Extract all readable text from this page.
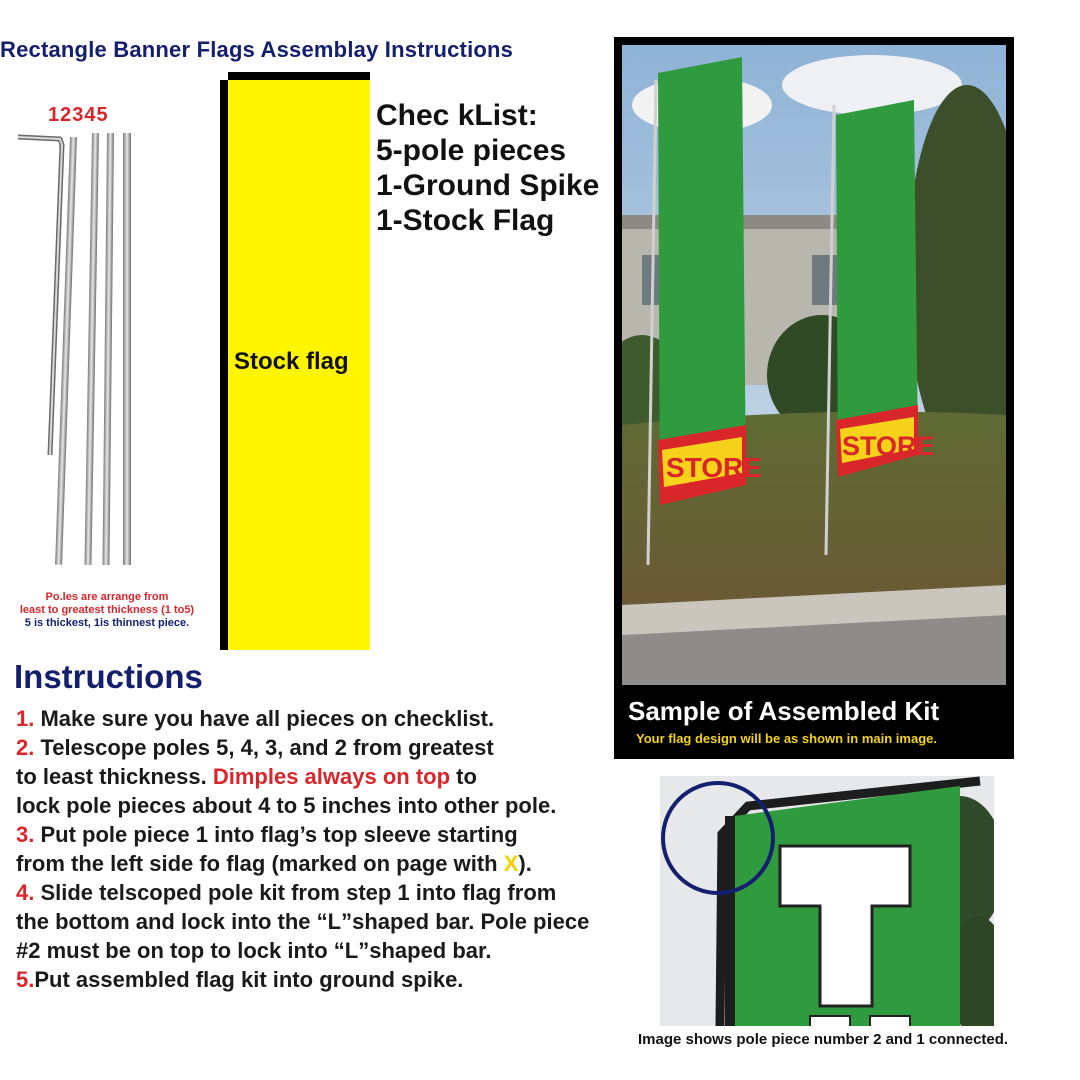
Rectangle Banner Flags Assemblay Instructions
12345
Po.les are arrange from
least to greatest thickness (1 to5)
5 is thickest, 1is thinnest piece.
Stock flag
Chec kList:
5-pole pieces
1-Ground Spike
1-Stock Flag
Instructions
1. Make sure you have all pieces on checklist.
2. Telescope poles 5, 4, 3, and 2 from greatest
to least thickness. Dimples always on top to
lock pole pieces about 4 to 5 inches into other pole.
3. Put pole piece 1 into flag’s top sleeve starting
from the left side fo flag (marked on page with X).
4. Slide telscoped pole kit from step 1 into flag from
the bottom and lock into the “L”shaped bar. Pole piece
#2 must be on top to lock into “L”shaped bar.
5.Put assembled flag kit into ground spike.
STORE
STORE
Sample of Assembled Kit
Your flag design will be as shown in main image.
Image shows pole piece number 2 and 1 connected.
